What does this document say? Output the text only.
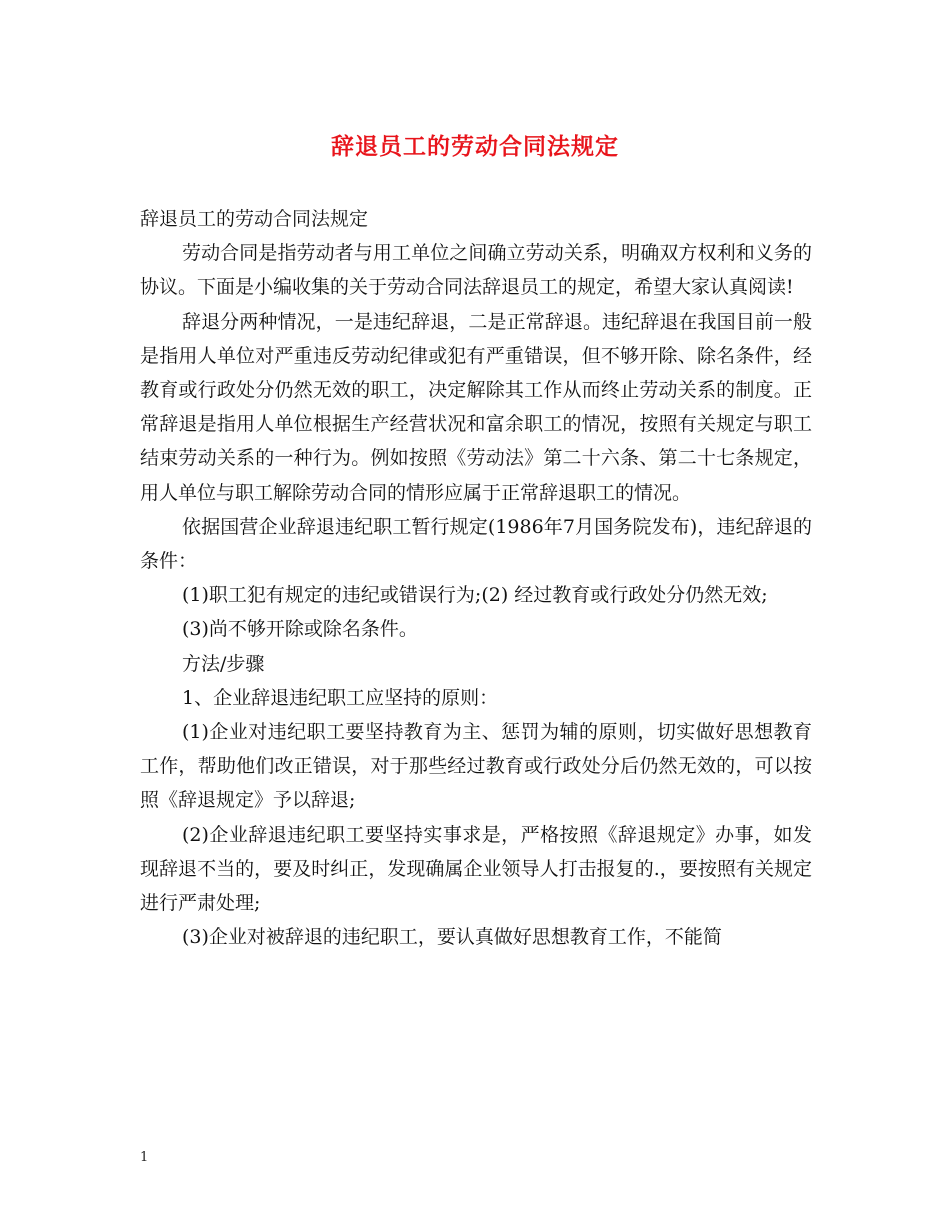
辞退员工的劳动合同法规定

辞退员工的劳动合同法规定

劳动合同是指劳动者与用工单位之间确立劳动关系，明确双方权利和义务的协议。下面是小编收集的关于劳动合同法辞退员工的规定，希望大家认真阅读!

辞退分两种情况，一是违纪辞退，二是正常辞退。违纪辞退在我国目前一般是指用人单位对严重违反劳动纪律或犯有严重错误，但不够开除、除名条件，经教育或行政处分仍然无效的职工，决定解除其工作从而终止劳动关系的制度。正常辞退是指用人单位根据生产经营状况和富余职工的情况，按照有关规定与职工结束劳动关系的一种行为。例如按照《劳动法》第二十六条、第二十七条规定，用人单位与职工解除劳动合同的情形应属于正常辞退职工的情况。

依据国营企业辞退违纪职工暂行规定(1986年7月国务院发布)，违纪辞退的条件：

(1)职工犯有规定的违纪或错误行为;(2) 经过教育或行政处分仍然无效;

(3)尚不够开除或除名条件。

方法/步骤

1、企业辞退违纪职工应坚持的原则：

(1)企业对违纪职工要坚持教育为主、惩罚为辅的原则，切实做好思想教育工作，帮助他们改正错误，对于那些经过教育或行政处分后仍然无效的，可以按照《辞退规定》予以辞退;

(2)企业辞退违纪职工要坚持实事求是，严格按照《辞退规定》办事，如发现辞退不当的，要及时纠正，发现确属企业领导人打击报复的.，要按照有关规定进行严肃处理;

(3)企业对被辞退的违纪职工，要认真做好思想教育工作，不能简

1
